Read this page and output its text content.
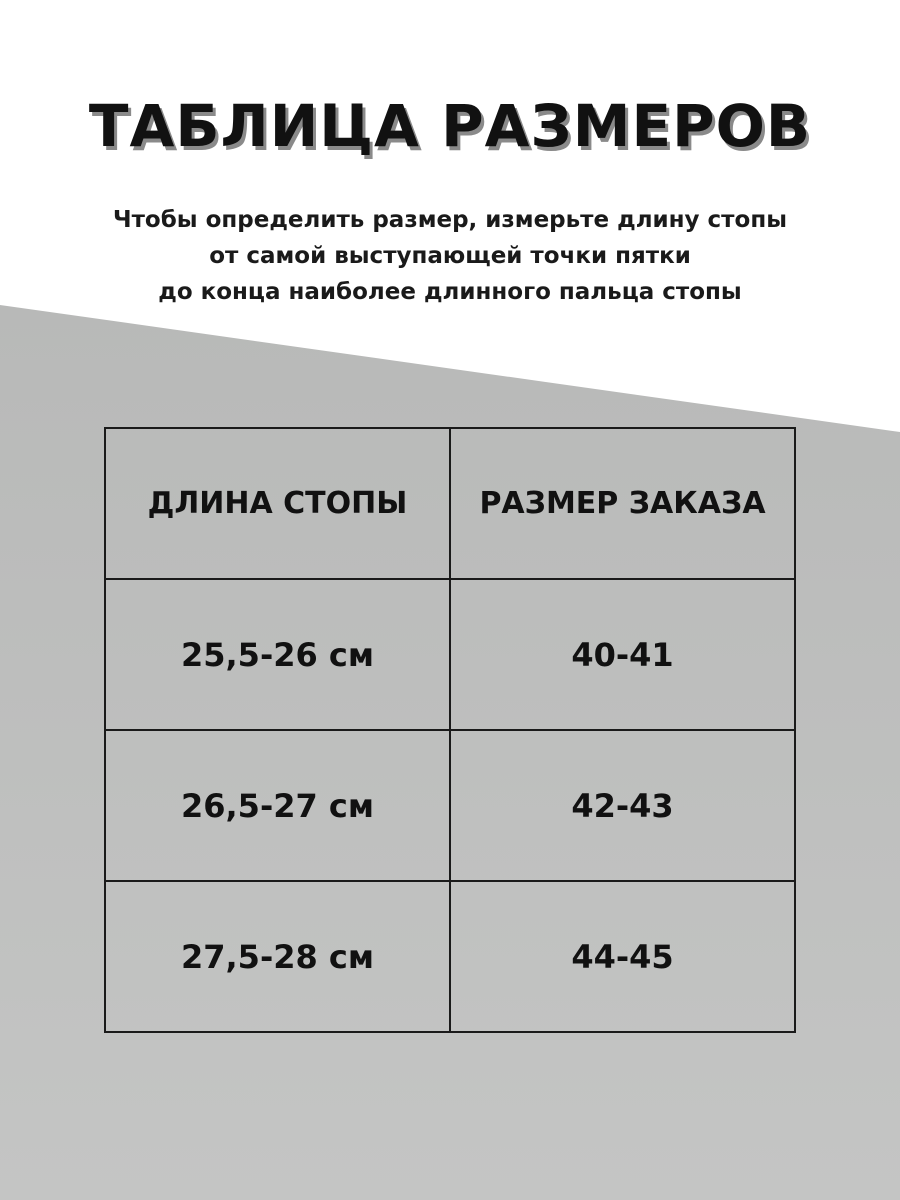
ТАБЛИЦА РАЗМЕРОВ
Чтобы определить размер, измерьте длину стопы
от самой выступающей точки пятки
до конца наиболее длинного пальца стопы
ДЛИНА СТОПЫ	РАЗМЕР ЗАКАЗА
25,5-26 см	40-41
26,5-27 см	42-43
27,5-28 см	44-45
